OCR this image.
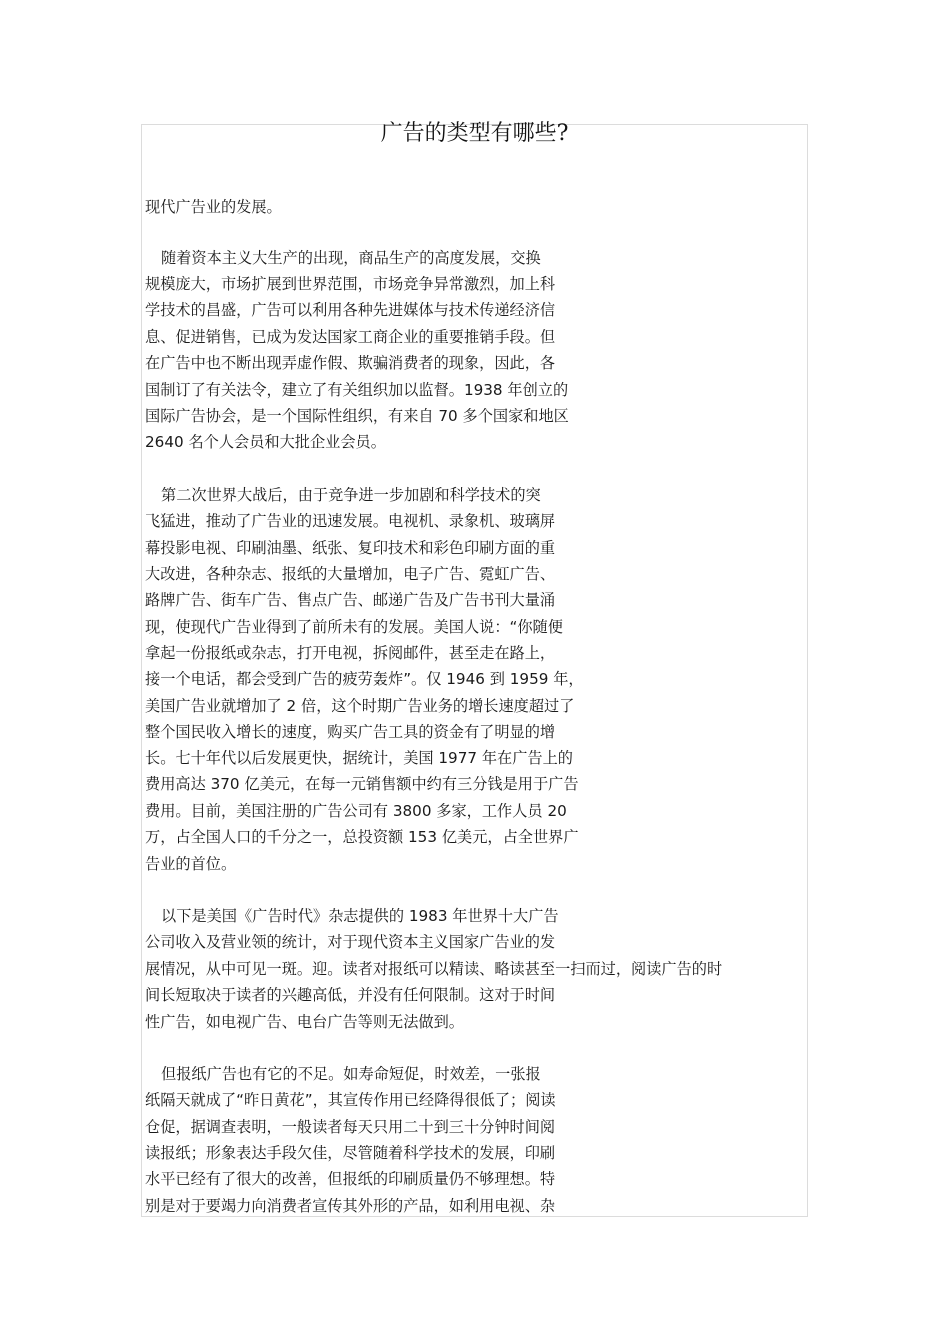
广告的类型有哪些?
现代广告业的发展。
随着资本主义大生产的出现，商品生产的高度发展，交换
规模庞大，市场扩展到世界范围，市场竞争异常激烈，加上科
学技术的昌盛，广告可以利用各种先进媒体与技术传递经济信
息、促进销售，已成为发达国家工商企业的重要推销手段。但
在广告中也不断出现弄虚作假、欺骗消费者的现象，因此，各
国制订了有关法令，建立了有关组织加以监督。1938 年创立的
国际广告协会，是一个国际性组织，有来自 70 多个国家和地区
2640 名个人会员和大批企业会员。
第二次世界大战后，由于竞争进一步加剧和科学技术的突
飞猛进，推动了广告业的迅速发展。电视机、录象机、玻璃屏
幕投影电视、印刷油墨、纸张、复印技术和彩色印刷方面的重
大改进，各种杂志、报纸的大量增加，电子广告、霓虹广告、
路牌广告、街车广告、售点广告、邮递广告及广告书刊大量涌
现，使现代广告业得到了前所未有的发展。美国人说：“你随便
拿起一份报纸或杂志，打开电视，拆阅邮件，甚至走在路上，
接一个电话，都会受到广告的疲劳轰炸”。仅 1946 到 1959 年，
美国广告业就增加了 2 倍，这个时期广告业务的增长速度超过了
整个国民收入增长的速度，购买广告工具的资金有了明显的增
长。七十年代以后发展更快，据统计，美国 1977 年在广告上的
费用高达 370 亿美元，在每一元销售额中约有三分钱是用于广告
费用。目前，美国注册的广告公司有 3800 多家，工作人员 20
万，占全国人口的千分之一，总投资额 153 亿美元，占全世界广
告业的首位。
以下是美国《广告时代》杂志提供的 1983 年世界十大广告
公司收入及营业领的统计，对于现代资本主义国家广告业的发
展情况，从中可见一斑。迎。读者对报纸可以精读、略读甚至一扫而过，阅读广告的时
间长短取决于读者的兴趣高低，并没有任何限制。这对于时间
性广告，如电视广告、电台广告等则无法做到。
但报纸广告也有它的不足。如寿命短促，时效差，一张报
纸隔天就成了“昨日黄花”，其宣传作用已经降得很低了；阅读
仓促，据调查表明，一般读者每天只用二十到三十分钟时间阅
读报纸；形象表达手段欠佳，尽管随着科学技术的发展，印刷
水平已经有了很大的改善，但报纸的印刷质量仍不够理想。特
别是对于要竭力向消费者宣传其外形的产品，如利用电视、杂
